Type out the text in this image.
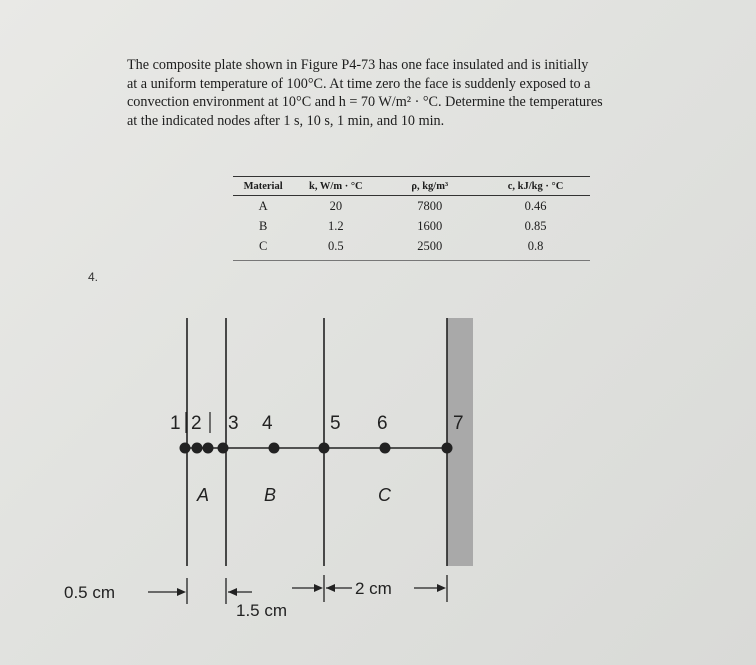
The composite plate shown in Figure P4-73 has one face insulated and is initially
at a uniform temperature of 100°C. At time zero the face is suddenly exposed to a
convection environment at 10°C and h = 70 W/m² · °C. Determine the temperatures
at the indicated nodes after 1 s, 10 s, 1 min, and 10 min.
4.
Material	k, W/m · °C	ρ, kg/m³	c, kJ/kg · °C
A	20	7800	0.46
B	1.2	1600	0.85
C	0.5	2500	0.8
1 2 3 4	5 6	7
A	B	C
0.5 cm
1.5 cm
2 cm
